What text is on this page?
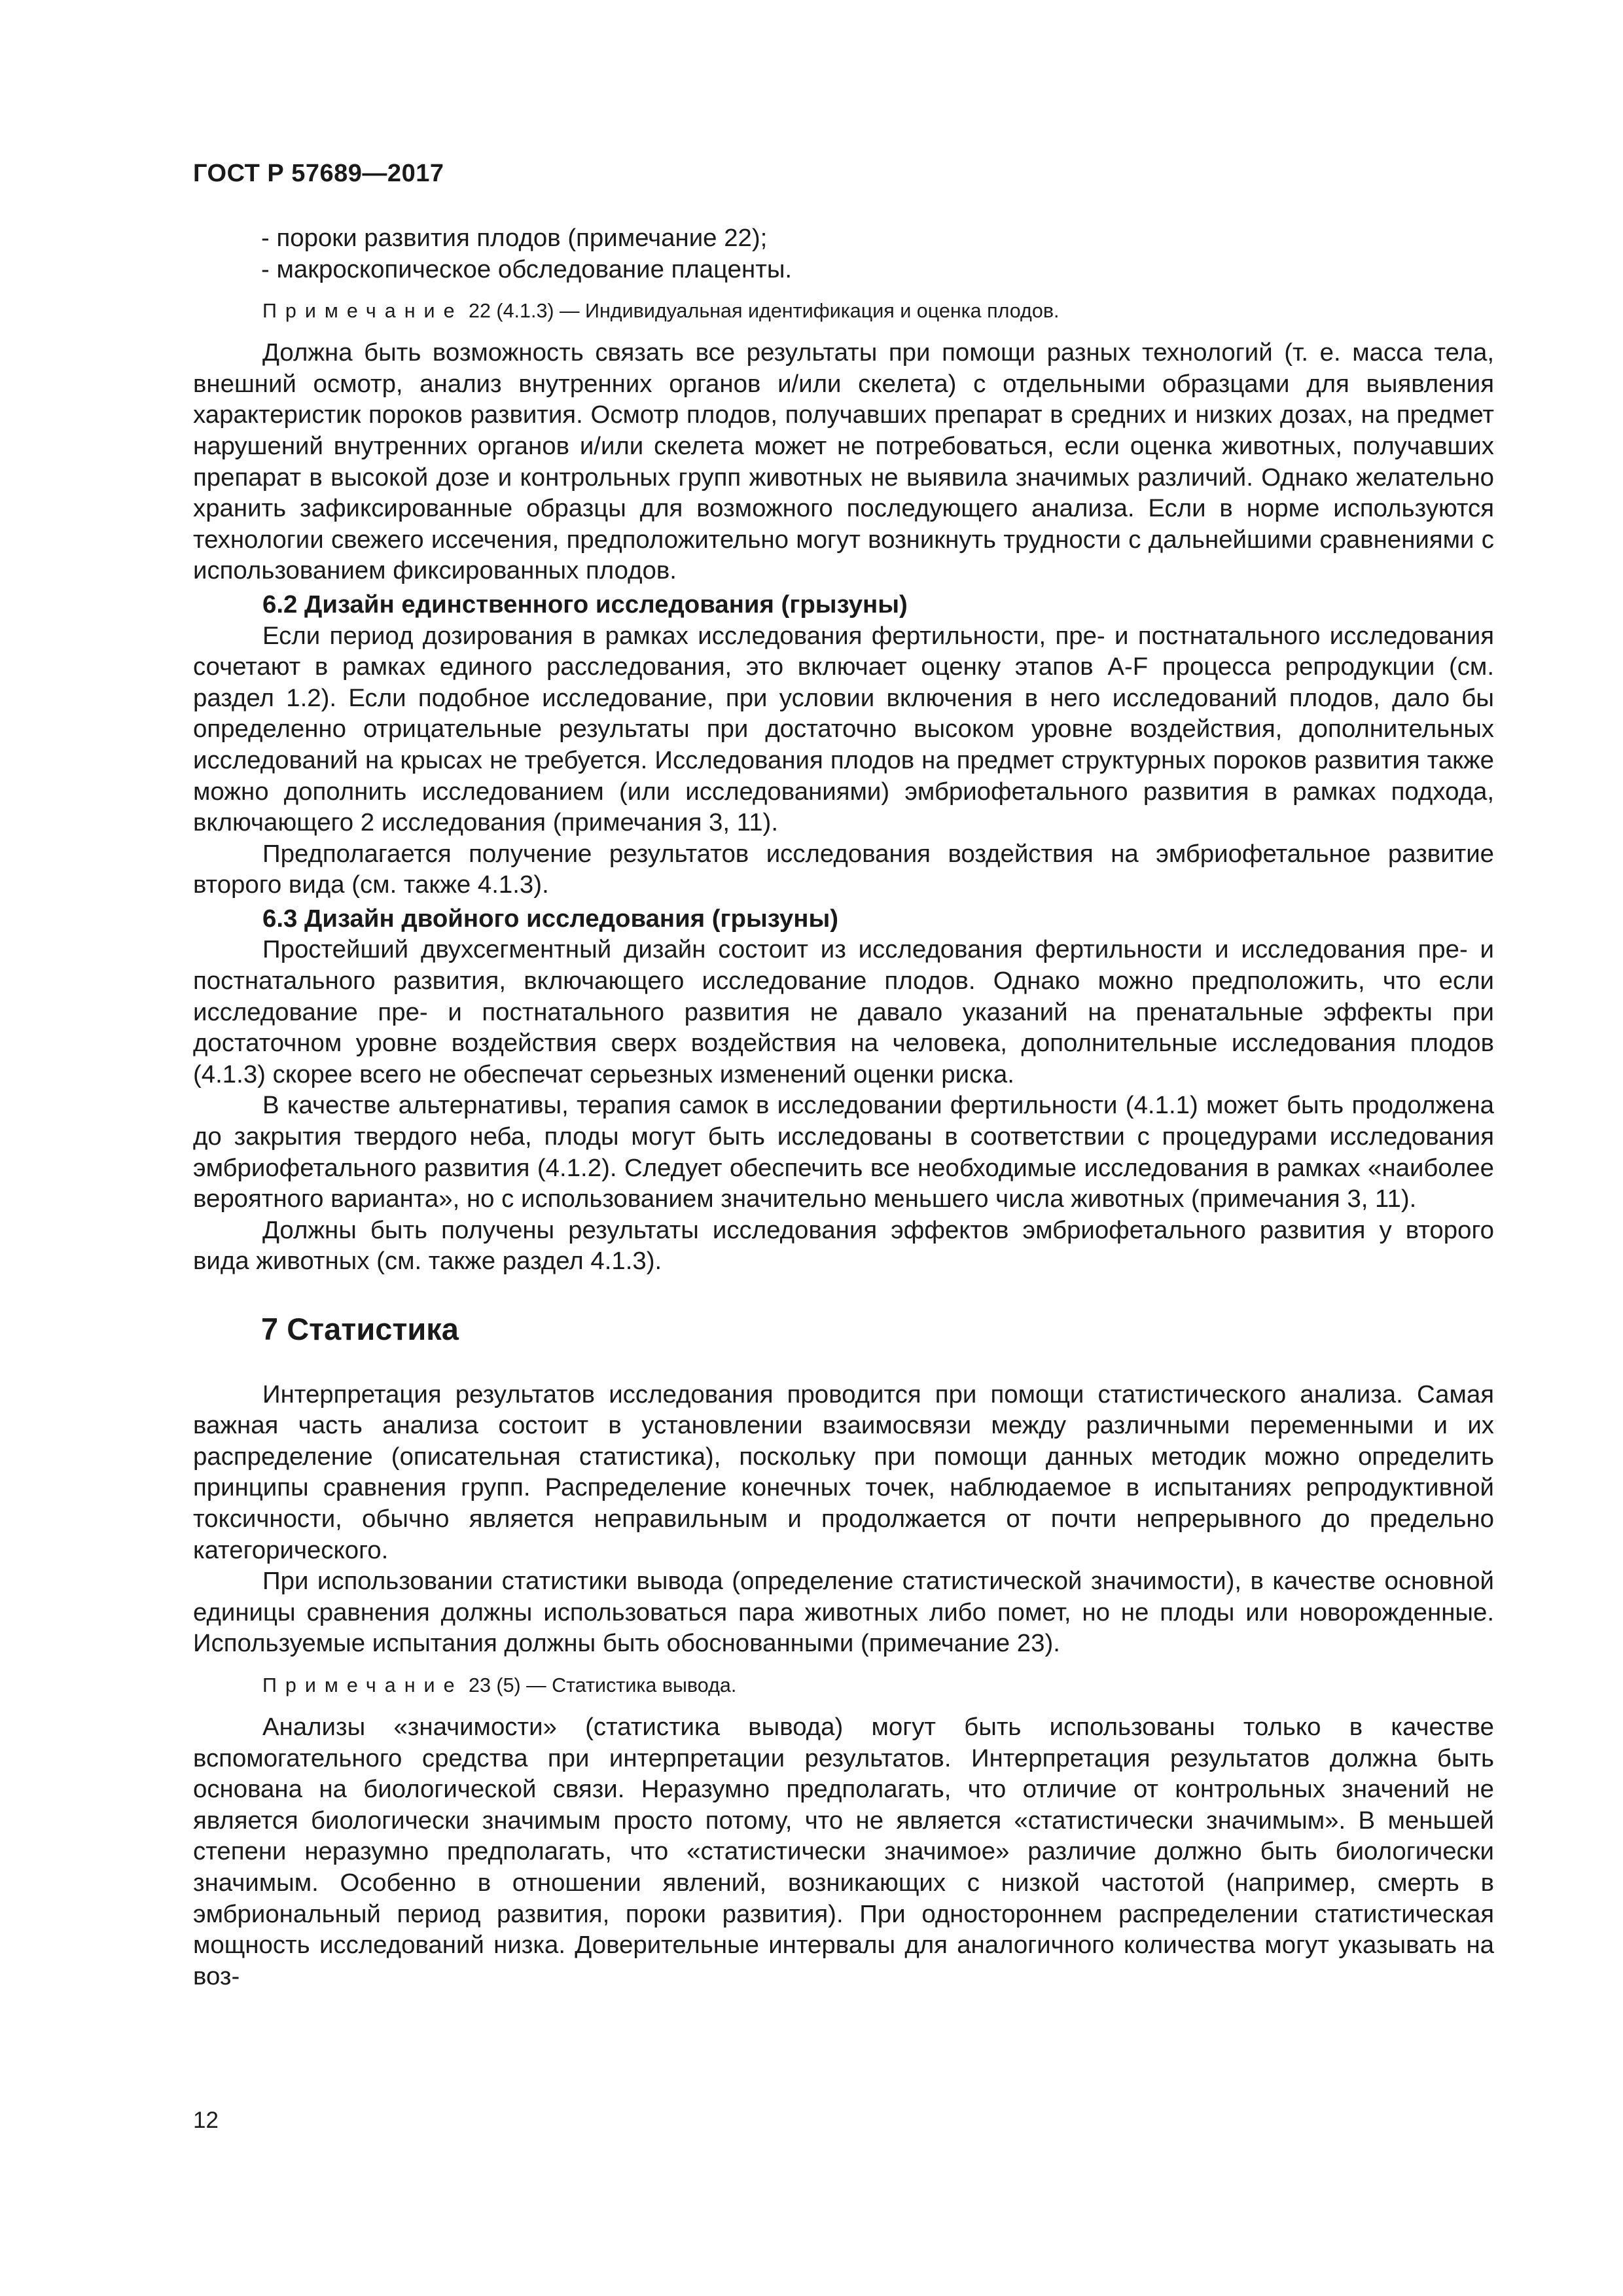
ГОСТ Р 57689—2017

- пороки развития плодов (примечание 22);

- макроскопическое обследование плаценты.

Примечание 22 (4.1.3) — Индивидуальная идентификация и оценка плодов.

Должна быть возможность связать все результаты при помощи разных технологий (т. е. масса тела, внешний осмотр, анализ внутренних органов и/или скелета) с отдельными образцами для выявления характеристик пороков развития. Осмотр плодов, получавших препарат в средних и низких дозах, на предмет нарушений внутренних органов и/или скелета может не потребоваться, если оценка животных, получавших препарат в высокой дозе и контрольных групп животных не выявила значимых различий. Однако желательно хранить зафиксированные образцы для возможного последующего анализа. Если в норме используются технологии свежего иссечения, предположительно могут возникнуть трудности с дальнейшими сравнениями с использованием фиксированных плодов.

6.2 Дизайн единственного исследования (грызуны)

Если период дозирования в рамках исследования фертильности, пре- и постнатального исследования сочетают в рамках единого расследования, это включает оценку этапов A-F процесса репродукции (см. раздел 1.2). Если подобное исследование, при условии включения в него исследований плодов, дало бы определенно отрицательные результаты при достаточно высоком уровне воздействия, дополнительных исследований на крысах не требуется. Исследования плодов на предмет структурных пороков развития также можно дополнить исследованием (или исследованиями) эмбриофетального развития в рамках подхода, включающего 2 исследования (примечания 3, 11).

Предполагается получение результатов исследования воздействия на эмбриофетальное развитие второго вида (см. также 4.1.3).

6.3 Дизайн двойного исследования (грызуны)

Простейший двухсегментный дизайн состоит из исследования фертильности и исследования пре- и постнатального развития, включающего исследование плодов. Однако можно предположить, что если исследование пре- и постнатального развития не давало указаний на пренатальные эффекты при достаточном уровне воздействия сверх воздействия на человека, дополнительные исследования плодов (4.1.3) скорее всего не обеспечат серьезных изменений оценки риска.

В качестве альтернативы, терапия самок в исследовании фертильности (4.1.1) может быть продолжена до закрытия твердого неба, плоды могут быть исследованы в соответствии с процедурами исследования эмбриофетального развития (4.1.2). Следует обеспечить все необходимые исследования в рамках «наиболее вероятного варианта», но с использованием значительно меньшего числа животных (примечания 3, 11).

Должны быть получены результаты исследования эффектов эмбриофетального развития у второго вида животных (см. также раздел 4.1.3).

7 Статистика

Интерпретация результатов исследования проводится при помощи статистического анализа. Самая важная часть анализа состоит в установлении взаимосвязи между различными переменными и их распределение (описательная статистика), поскольку при помощи данных методик можно определить принципы сравнения групп. Распределение конечных точек, наблюдаемое в испытаниях репродуктивной токсичности, обычно является неправильным и продолжается от почти непрерывного до предельно категорического.

При использовании статистики вывода (определение статистической значимости), в качестве основной единицы сравнения должны использоваться пара животных либо помет, но не плоды или новорожденные. Используемые испытания должны быть обоснованными (примечание 23).

Примечание 23 (5) — Статистика вывода.

Анализы «значимости» (статистика вывода) могут быть использованы только в качестве вспомогательного средства при интерпретации результатов. Интерпретация результатов должна быть основана на биологической связи. Неразумно предполагать, что отличие от контрольных значений не является биологически значимым просто потому, что не является «статистически значимым». В меньшей степени неразумно предполагать, что «статистически значимое» различие должно быть биологически значимым. Особенно в отношении явлений, возникающих с низкой частотой (например, смерть в эмбриональный период развития, пороки развития). При одностороннем распределении статистическая мощность исследований низка. Доверительные интервалы для аналогичного количества могут указывать на воз-

12
